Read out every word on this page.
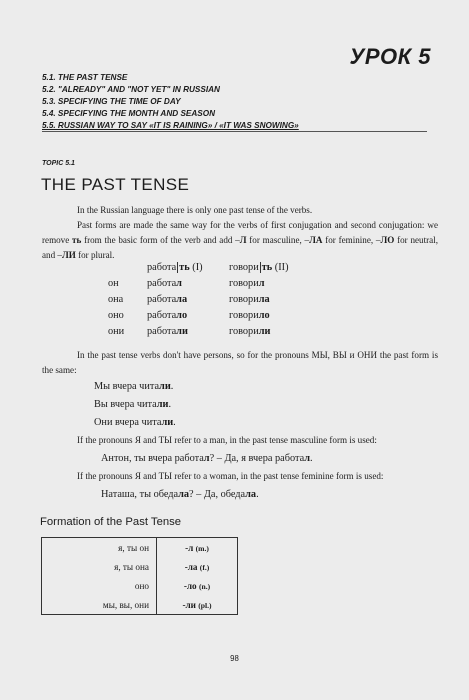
УРОК 5
5.1. THE PAST TENSE
5.2. "ALREADY" AND "NOT YET" IN RUSSIAN
5.3. SPECIFYING THE TIME OF DAY
5.4. SPECIFYING THE MONTH AND SEASON
5.5. RUSSIAN WAY TO SAY «IT IS RAINING» / «IT WAS SNOWING»
TOPIC 5.1
THE PAST TENSE
In the Russian language there is only one past tense of the verbs.
Past forms are made the same way for the verbs of first conjugation and second conjugation: we remove ть from the basic form of the verb and add –Л for masculine, –ЛА for feminine, –ЛО for neutral, and –ЛИ for plural.
работа ть (I)	говори ть (II)
он	работал	говорил
она работала	говорила
оно работало	говорило
они работали	говорили
In the past tense verbs don't have persons, so for the pronouns МЫ, ВЫ и ОНИ the past form is the same:
Мы вчера читали.
Вы вчера читали.
Они вчера читали.
If the pronouns Я and ТЫ refer to a man, in the past tense masculine form is used:
Антон, ты вчера работал? – Да, я вчера работал.
If the pronouns Я and ТЫ refer to a woman, in the past tense feminine form is used:
Наташа, ты обедала? – Да, обедала.
Formation of the Past Tense
я, ты он	-л (m.)
я, ты она	-ла (f.)
оно	-ло (n.)
мы, вы, они	-ли (pl.)
98
